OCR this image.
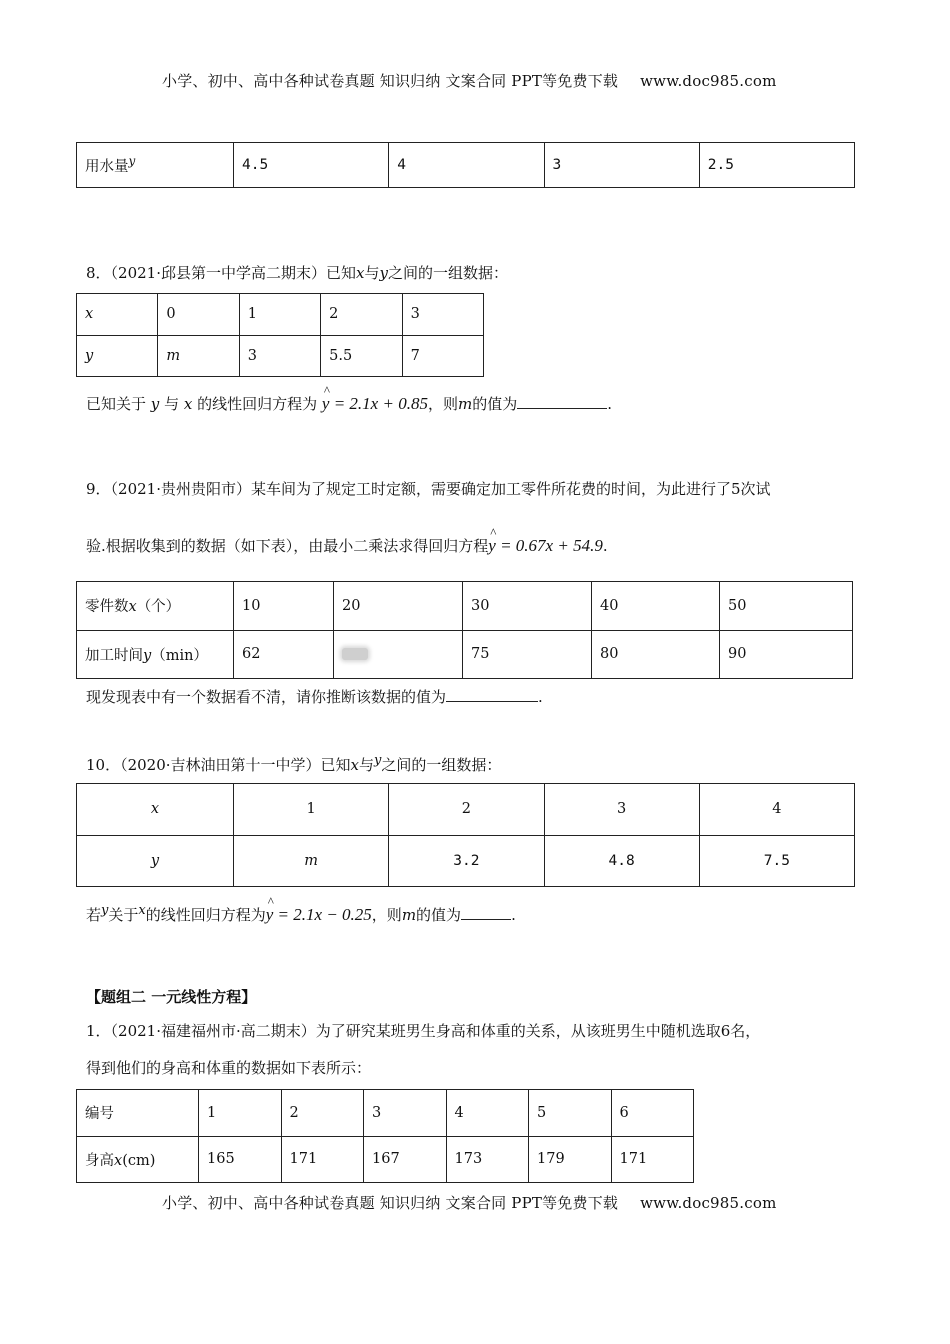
小学、初中、高中各种试卷真题 知识归纳 文案合同 PPT等免费下载 www.doc985.com
用水量$^y$	4.5	4	3	2.5
8．（2021·邱县第一中学高二期末）已知x与y之间的一组数据：
x	0	1	2	3
y	m	3	5.5	7
已知关于 y 与 x 的线性回归方程为
^
y = 2.1x + 0.85，则m的值为	.
9．（2021·贵州贵阳市）某车间为了规定工时定额，需要确定加工零件所花费的时间，为此进行了5次试
验.根据收集到的数据（如下表），由最小二乘法求得回归方程
^
y = 0.67x + 54.9.
零件数x（个）	10	20	30	40	50
加工时间y（min）	62		75	80	90
现发现表中有一个数据看不清，请你推断该数据的值为	.
10．（2020·吉林油田第十一中学）已知x与$^y$之间的一组数据：
x	1	2	3	4
y	m	3.2	4.8	7.5
若$^y$关于$^x$的线性回归方程为
^
y = 2.1x − 0.25，则m的值为	.
【题组二 一元线性方程】
1．（2021·福建福州市·高二期末）为了研究某班男生身高和体重的关系，从该班男生中随机选取6名，
得到他们的身高和体重的数据如下表所示：
编号	1	2	3	4	5	6
身高x(cm)	165	171	167	173	179	171
小学、初中、高中各种试卷真题 知识归纳 文案合同 PPT等免费下载 www.doc985.com
